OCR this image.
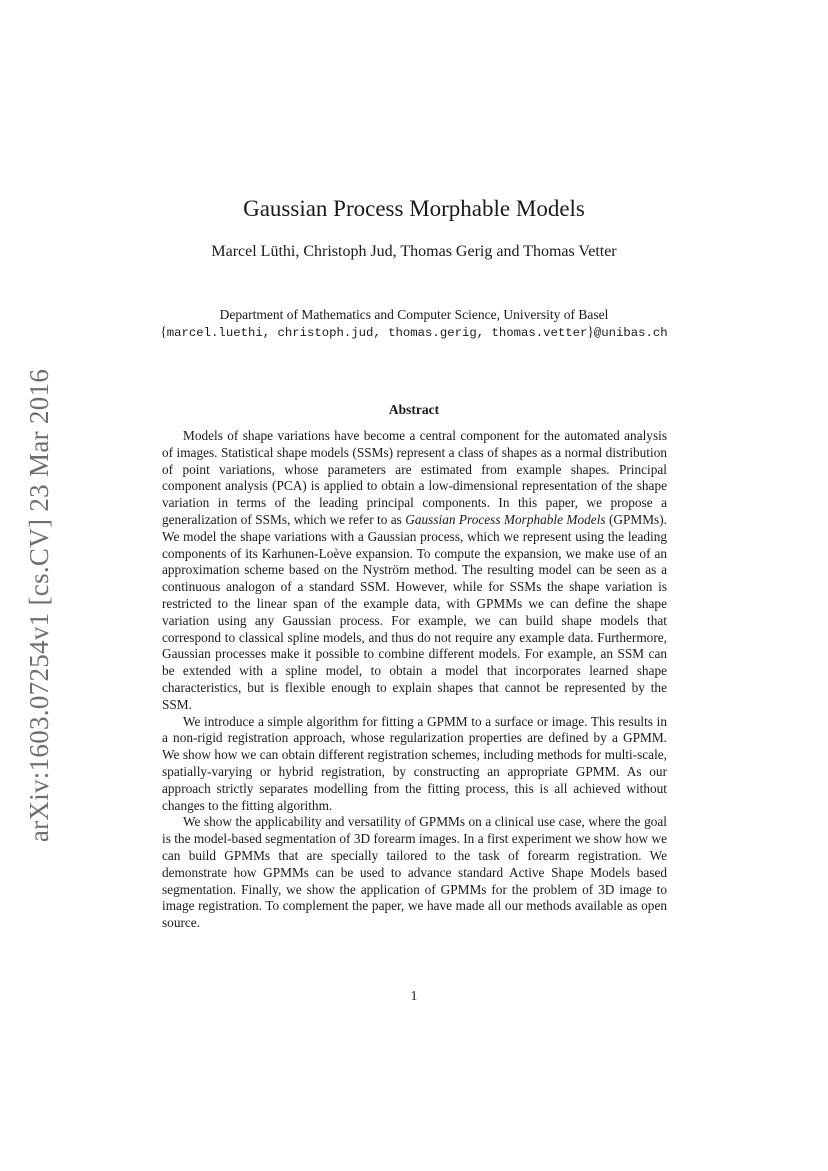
arXiv:1603.07254v1 [cs.CV] 23 Mar 2016
Gaussian Process Morphable Models
Marcel Lüthi, Christoph Jud, Thomas Gerig and Thomas Vetter
Department of Mathematics and Computer Science, University of Basel
{marcel.luethi, christoph.jud, thomas.gerig, thomas.vetter}@unibas.ch
Abstract

Models of shape variations have become a central component for the automated analysis of images. Statistical shape models (SSMs) represent a class of shapes as a normal distribution of point variations, whose parameters are estimated from example shapes. Principal component analysis (PCA) is applied to obtain a low-dimensional representation of the shape variation in terms of the leading principal components. In this paper, we propose a generalization of SSMs, which we refer to as Gaussian Process Morphable Models (GPMMs). We model the shape variations with a Gaussian process, which we represent using the leading components of its Karhunen-Loève expansion. To compute the expansion, we make use of an approximation scheme based on the Nyström method. The resulting model can be seen as a continuous analogon of a standard SSM. However, while for SSMs the shape variation is restricted to the linear span of the example data, with GPMMs we can define the shape variation using any Gaussian process. For example, we can build shape models that correspond to classical spline models, and thus do not require any example data. Furthermore, Gaussian processes make it possible to combine different models. For example, an SSM can be extended with a spline model, to obtain a model that incorporates learned shape characteristics, but is flexible enough to explain shapes that cannot be represented by the SSM.

We introduce a simple algorithm for fitting a GPMM to a surface or image. This results in a non-rigid registration approach, whose regularization properties are defined by a GPMM. We show how we can obtain different registration schemes, including methods for multi-scale, spatially-varying or hybrid registration, by constructing an appropriate GPMM. As our approach strictly separates modelling from the fitting process, this is all achieved without changes to the fitting algorithm.

We show the applicability and versatility of GPMMs on a clinical use case, where the goal is the model-based segmentation of 3D forearm images. In a first experiment we show how we can build GPMMs that are specially tailored to the task of forearm registration. We demonstrate how GPMMs can be used to advance standard Active Shape Models based segmentation. Finally, we show the application of GPMMs for the problem of 3D image to image registration. To complement the paper, we have made all our methods available as open source.

1
